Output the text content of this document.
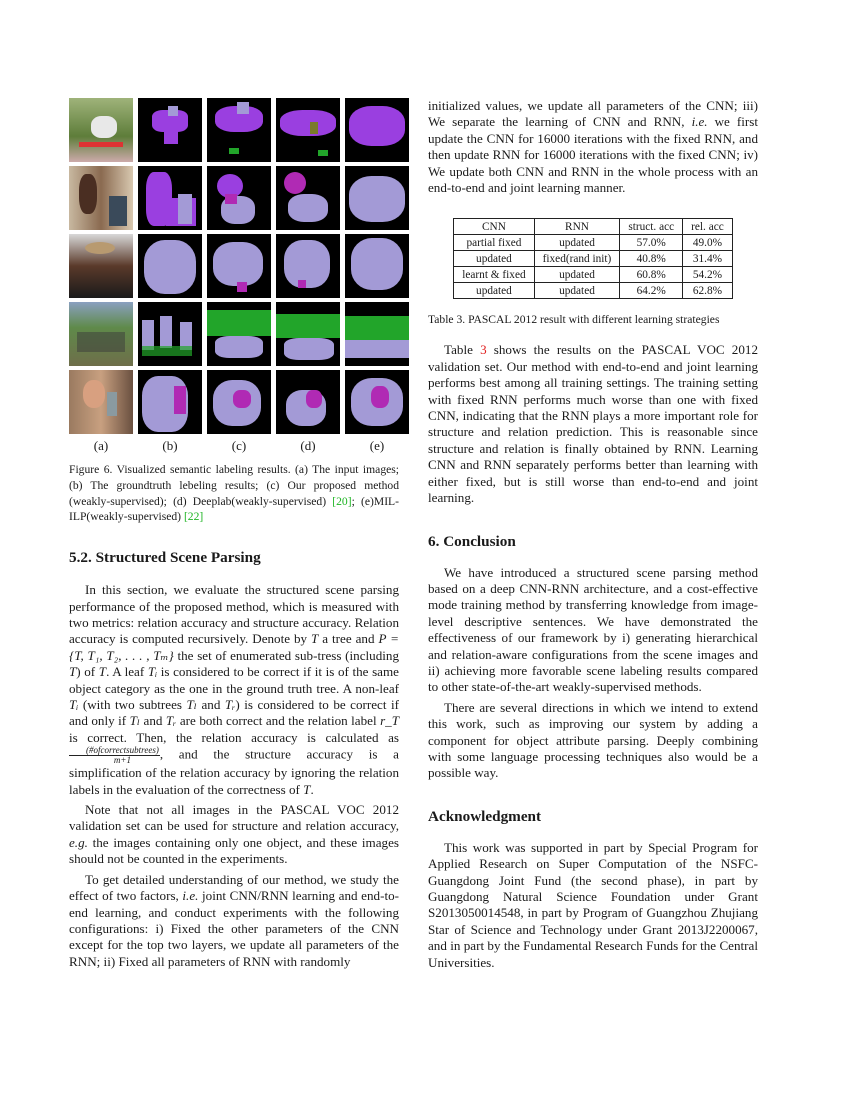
(a)	(b)	(c)	(d)	(e)
Figure 6. Visualized semantic labeling results. (a) The input images; (b) The groundtruth lebeling results; (c) Our proposed method (weakly-supervised); (d) Deeplab(weakly-supervised) [20]; (e)MIL-ILP(weakly-supervised) [22]
5.2. Structured Scene Parsing

In this section, we evaluate the structured scene parsing performance of the proposed method, which is measured with two metrics: relation accuracy and structure accuracy. Relation accuracy is computed recursively. Denote by T a tree and P = {T, T₁, T₂, . . . , Tₘ} the set of enumerated sub-tress (including T) of T. A leaf Tᵢ is considered to be correct if it is of the same object category as the one in the ground truth tree. A non-leaf Tᵢ (with two subtrees Tₗ and Tᵣ) is considered to be correct if and only if Tₗ and Tᵣ are both correct and the relation label r_T is correct. Then, the relation accuracy is calculated as
$\frac{\text{(\#ofcorrectsubtrees)}}{m+1}$ , and the structure accuracy is a simplification of the relation accuracy by ignoring the relation labels in the evaluation of the correctness of T.

Note that not all images in the PASCAL VOC 2012 validation set can be used for structure and relation accuracy, e.g. the images containing only one object, and these images should not be counted in the experiments.

To get detailed understanding of our method, we study the effect of two factors, i.e. joint CNN/RNN learning and end-to-end learning, and conduct experiments with the following configurations: i) Fixed the other parameters of the CNN except for the top two layers, we update all parameters of the RNN; ii) Fixed all parameters of RNN with randomly

initialized values, we update all parameters of the CNN; iii) We separate the learning of CNN and RNN, i.e. we first update the CNN for 16000 iterations with the fixed RNN, and then update RNN for 16000 iterations with the fixed CNN; iv) We update both CNN and RNN in the whole process with an end-to-end and joint learning manner.

CNN	RNN	struct. acc	rel. acc
partial fixed	updated	57.0%	49.0%
updated	fixed(rand init)	40.8%	31.4%
learnt & fixed	updated	60.8%	54.2%
updated	updated	64.2%	62.8%
Table 3. PASCAL 2012 result with different learning strategies

Table 3 shows the results on the PASCAL VOC 2012 validation set. Our method with end-to-end and joint learning performs best among all training settings. The training setting with fixed RNN performs much worse than one with fixed CNN, indicating that the RNN plays a more important role for structure and relation prediction. This is reasonable since structure and relation is finally obtained by RNN. Learning CNN and RNN separately performs better than learning with either fixed, but is still worse than end-to-end and joint learning.

6. Conclusion

We have introduced a structured scene parsing method based on a deep CNN-RNN architecture, and a cost-effective mode training method by transferring knowledge from image-level descriptive sentences. We have demonstrated the effectiveness of our framework by i) generating hierarchical and relation-aware configurations from the scene images and ii) achieving more favorable scene labeling results compared to other state-of-the-art weakly-supervised methods.

There are several directions in which we intend to extend this work, such as improving our system by adding a component for object attribute parsing. Deeply combining with some language processing techniques also would be a possible way.

Acknowledgment

This work was supported in part by Special Program for Applied Research on Super Computation of the NSFC-Guangdong Joint Fund (the second phase), in part by Guangdong Natural Science Foundation under Grant S2013050014548, in part by Program of Guangzhou Zhujiang Star of Science and Technology under Grant 2013J2200067, and in part by the Fundamental Research Funds for the Central Universities.
